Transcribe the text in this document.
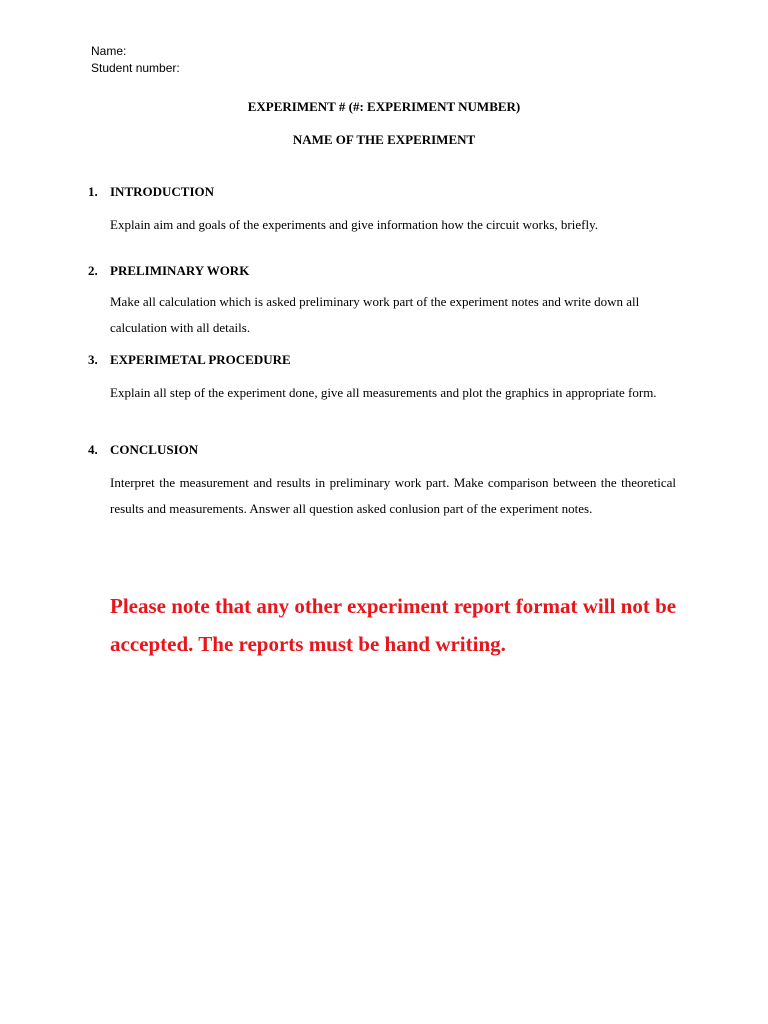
Name:
Student number:
EXPERIMENT # (#: EXPERIMENT NUMBER)
NAME OF THE EXPERIMENT
1. INTRODUCTION
Explain aim and goals of the experiments and give information how the circuit works, briefly.
2. PRELIMINARY WORK
Make all calculation which is asked preliminary work part of the experiment notes and write down all calculation with all details.
3. EXPERIMETAL PROCEDURE
Explain all step of the experiment done, give all measurements and plot the graphics in appropriate form.
4. CONCLUSION
Interpret the measurement and results in preliminary work part. Make comparison between the theoretical results and measurements. Answer all question asked conlusion part of the experiment notes.
Please note that any other experiment report format will not be accepted. The reports must be hand writing.
